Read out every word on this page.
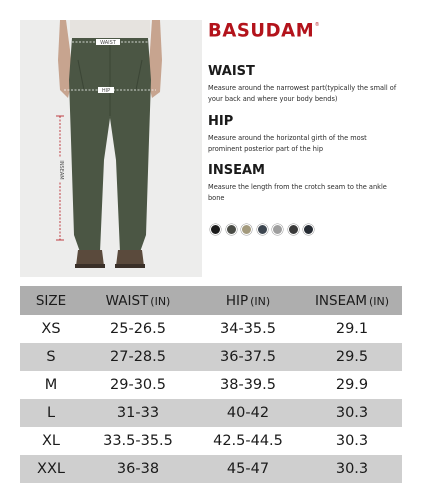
WAIST
HIP
INSEAM
BASUDAM ®
WAIST
Measure around the narrowest part(typically the small of your back and where your body bends)
HIP
Measure around the horizontal girth of the most prominent posterior part of the hip
INSEAM
Measure the length from the crotch seam to the ankle bone
SIZE	WAIST (IN)	HIP (IN)	INSEAM (IN)
XS	25-26.5	34-35.5	29.1
S	27-28.5	36-37.5	29.5
M	29-30.5	38-39.5	29.9
L	31-33	40-42	30.3
XL	33.5-35.5	42.5-44.5	30.3
XXL	36-38	45-47	30.3
